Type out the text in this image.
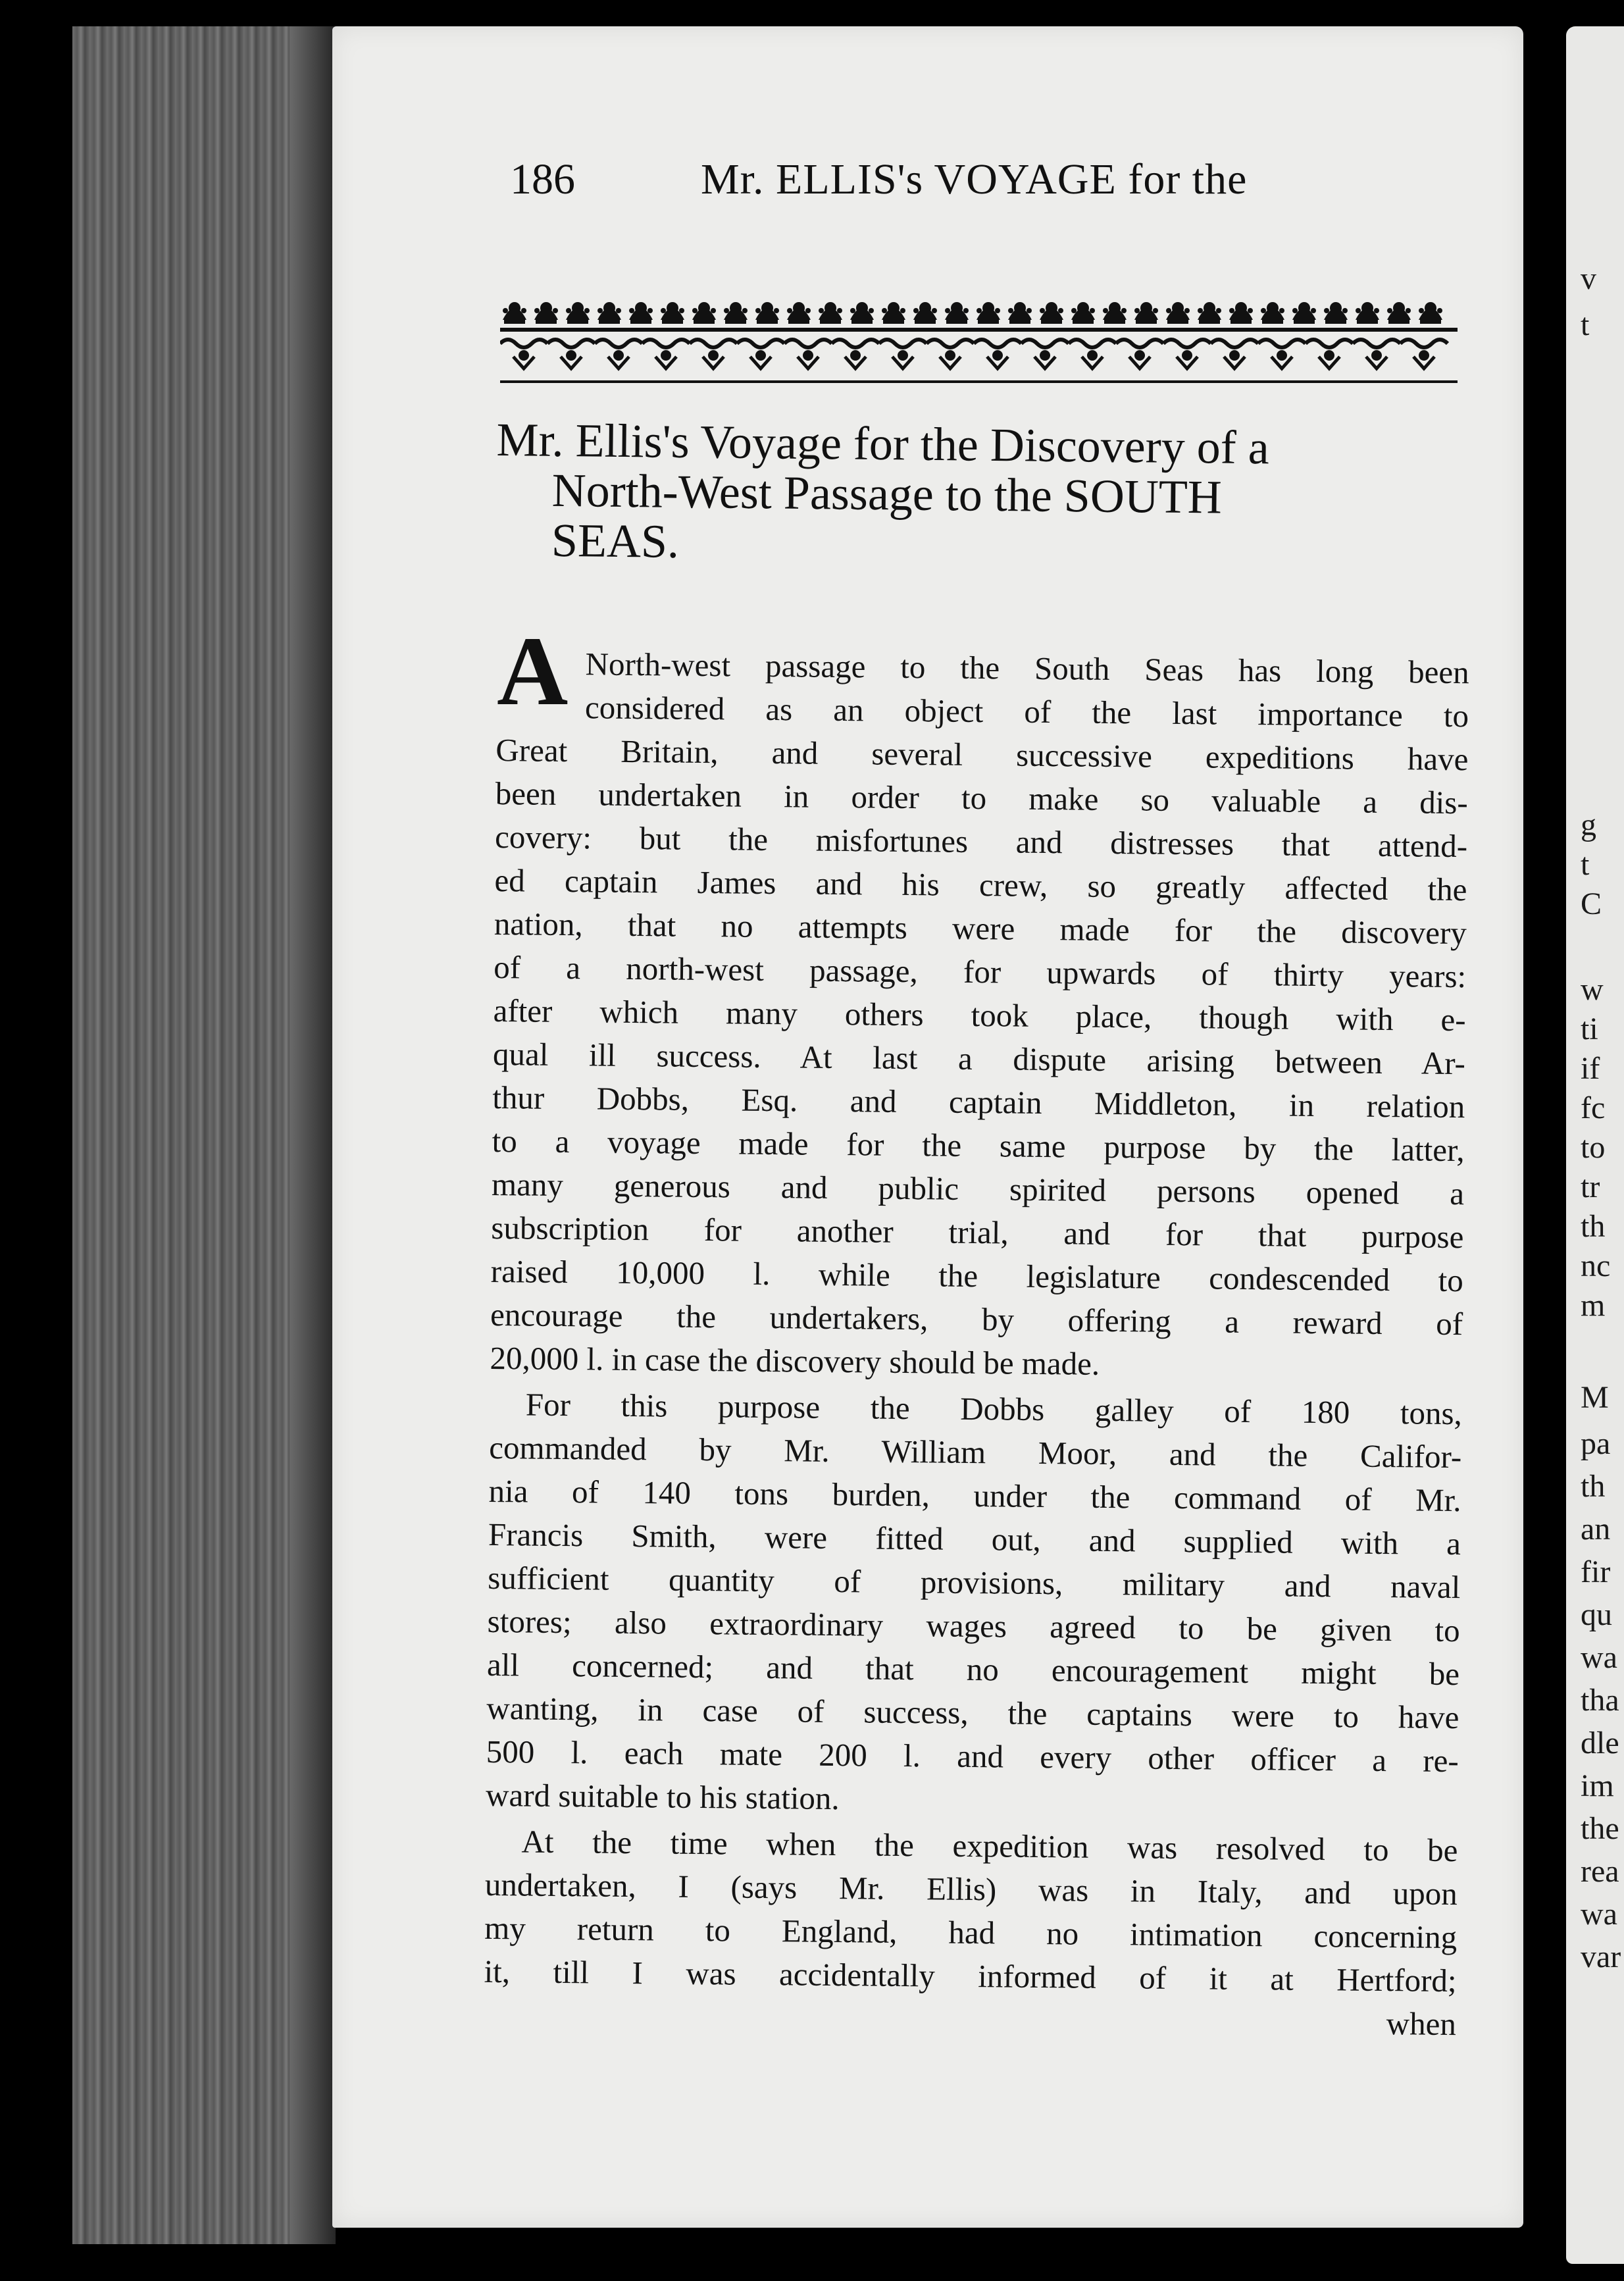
186	Mr. ELLIS's VOYAGE for the
Mr. Ellis's Voyage for the Discovery of a
North-West Passage to the SOUTH
SEAS.
A North-west passage to the South Seas has long been
considered as an object of the last importance to
Great Britain, and several successive expeditions have
been undertaken in order to make so valuable a dis-
covery: but the misfortunes and distresses that attend-
ed captain James and his crew, so greatly affected the
nation, that no attempts were made for the discovery
of a north-west passage, for upwards of thirty years:
after which many others took place, though with e-
qual ill success. At last a dispute arising between Ar-
thur Dobbs, Esq. and captain Middleton, in relation
to a voyage made for the same purpose by the latter,
many generous and public spirited persons opened a
subscription for another trial, and for that purpose
raised 10,000 l. while the legislature condescended to
encourage the undertakers, by offering a reward of
20,000 l. in case the discovery should be made.
For this purpose the Dobbs galley of 180 tons,
commanded by Mr. William Moor, and the Califor-
nia of 140 tons burden, under the command of Mr.
Francis Smith, were fitted out, and supplied with a
sufficient quantity of provisions, military and naval
stores; also extraordinary wages agreed to be given to
all concerned; and that no encouragement might be
wanting, in case of success, the captains were to have
500 l. each mate 200 l. and every other officer a re-
ward suitable to his station.
At the time when the expedition was resolved to be
undertaken, I (says Mr. Ellis) was in Italy, and upon
my return to England, had no intimation concerning
it, till I was accidentally informed of it at Hertford;
when
v
t
g
t
C
w
ti
if
fc
to
tr
th
nc
m
M
pa
th
an
fir
qu
wa
tha
dle
im
the
rea
wa
var
